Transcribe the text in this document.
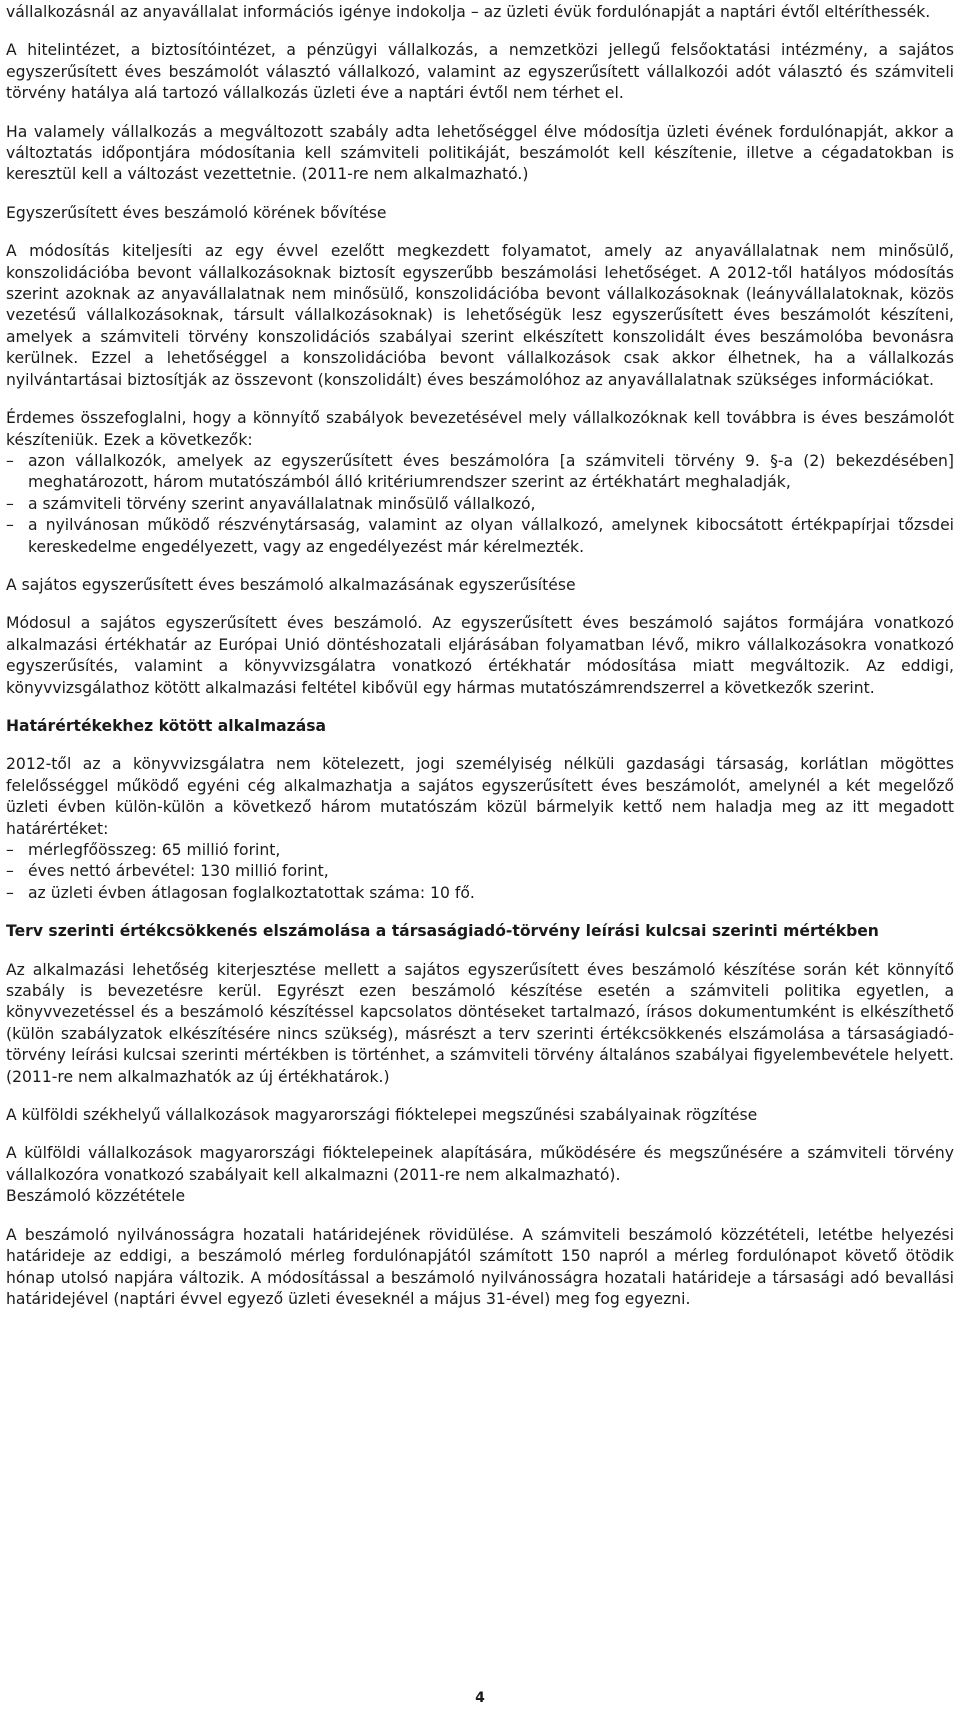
vállalkozásnál az anyavállalat információs igénye indokolja – az üzleti évük fordulónapját a naptári évtől eltéríthessék.

A hitelintézet, a biztosítóintézet, a pénzügyi vállalkozás, a nemzetközi jellegű felsőoktatási intézmény, a sajátos egyszerűsített éves beszámolót választó vállalkozó, valamint az egyszerűsített vállalkozói adót választó és számviteli törvény hatálya alá tartozó vállalkozás üzleti éve a naptári évtől nem térhet el.

Ha valamely vállalkozás a megváltozott szabály adta lehetőséggel élve módosítja üzleti évének fordulónapját, akkor a változtatás időpontjára módosítania kell számviteli politikáját, beszámolót kell készítenie, illetve a cégadatokban is keresztül kell a változást vezettetnie. (2011-re nem alkalmazható.)

Egyszerűsített éves beszámoló körének bővítése

A módosítás kiteljesíti az egy évvel ezelőtt megkezdett folyamatot, amely az anyavállalatnak nem minősülő, konszolidációba bevont vállalkozásoknak biztosít egyszerűbb beszámolási lehetőséget. A 2012-től hatályos módosítás szerint azoknak az anyavállalatnak nem minősülő, konszolidációba bevont vállalkozásoknak (leányvállalatoknak, közös vezetésű vállalkozásoknak, társult vállalkozásoknak) is lehetőségük lesz egyszerűsített éves beszámolót készíteni, amelyek a számviteli törvény konszolidációs szabályai szerint elkészített konszolidált éves beszámolóba bevonásra kerülnek. Ezzel a lehetőséggel a konszolidációba bevont vállalkozások csak akkor élhetnek, ha a vállalkozás nyilvántartásai biztosítják az összevont (konszolidált) éves beszámolóhoz az anyavállalatnak szükséges információkat.

Érdemes összefoglalni, hogy a könnyítő szabályok bevezetésével mely vállalkozóknak kell továbbra is éves beszámolót készíteniük. Ezek a következők:

– azon vállalkozók, amelyek az egyszerűsített éves beszámolóra [a számviteli törvény 9. §-a (2) bekezdésében] meghatározott, három mutatószámból álló kritériumrendszer szerint az értékhatárt meghaladják,
– a számviteli törvény szerint anyavállalatnak minősülő vállalkozó,
– a nyilvánosan működő részvénytársaság, valamint az olyan vállalkozó, amelynek kibocsátott értékpapírjai tőzsdei kereskedelme engedélyezett, vagy az engedélyezést már kérelmezték.

A sajátos egyszerűsített éves beszámoló alkalmazásának egyszerűsítése

Módosul a sajátos egyszerűsített éves beszámoló. Az egyszerűsített éves beszámoló sajátos formájára vonatkozó alkalmazási értékhatár az Európai Unió döntéshozatali eljárásában folyamatban lévő, mikro vállalkozásokra vonatkozó egyszerűsítés, valamint a könyvvizsgálatra vonatkozó értékhatár módosítása miatt megváltozik. Az eddigi, könyvvizsgálathoz kötött alkalmazási feltétel kibővül egy hármas mutatószámrendszerrel a következők szerint.

Határértékekhez kötött alkalmazása

2012-től az a könyvvizsgálatra nem kötelezett, jogi személyiség nélküli gazdasági társaság, korlátlan mögöttes felelősséggel működő egyéni cég alkalmazhatja a sajátos egyszerűsített éves beszámolót, amelynél a két megelőző üzleti évben külön-külön a következő három mutatószám közül bármelyik kettő nem haladja meg az itt megadott határértéket:

– mérlegfőösszeg: 65 millió forint,
– éves nettó árbevétel: 130 millió forint,
– az üzleti évben átlagosan foglalkoztatottak száma: 10 fő.

Terv szerinti értékcsökkenés elszámolása a társaságiadó-törvény leírási kulcsai szerinti mértékben

Az alkalmazási lehetőség kiterjesztése mellett a sajátos egyszerűsített éves beszámoló készítése során két könnyítő szabály is bevezetésre kerül. Egyrészt ezen beszámoló készítése esetén a számviteli politika egyetlen, a könyvvezetéssel és a beszámoló készítéssel kapcsolatos döntéseket tartalmazó, írásos dokumentumként is elkészíthető (külön szabályzatok elkészítésére nincs szükség), másrészt a terv szerinti értékcsökkenés elszámolása a társaságiadó-törvény leírási kulcsai szerinti mértékben is történhet, a számviteli törvény általános szabályai figyelembevétele helyett. (2011-re nem alkalmazhatók az új értékhatárok.)

A külföldi székhelyű vállalkozások magyarországi fióktelepei megszűnési szabályainak rögzítése

A külföldi vállalkozások magyarországi fióktelepeinek alapítására, működésére és megszűnésére a számviteli törvény vállalkozóra vonatkozó szabályait kell alkalmazni (2011-re nem alkalmazható).

Beszámoló közzététele

A beszámoló nyilvánosságra hozatali határidejének rövidülése. A számviteli beszámoló közzétételi, letétbe helyezési határideje az eddigi, a beszámoló mérleg fordulónapjától számított 150 napról a mérleg fordulónapot követő ötödik hónap utolsó napjára változik. A módosítással a beszámoló nyilvánosságra hozatali határideje a társasági adó bevallási határidejével (naptári évvel egyező üzleti éveseknél a május 31-ével) meg fog egyezni.

4
